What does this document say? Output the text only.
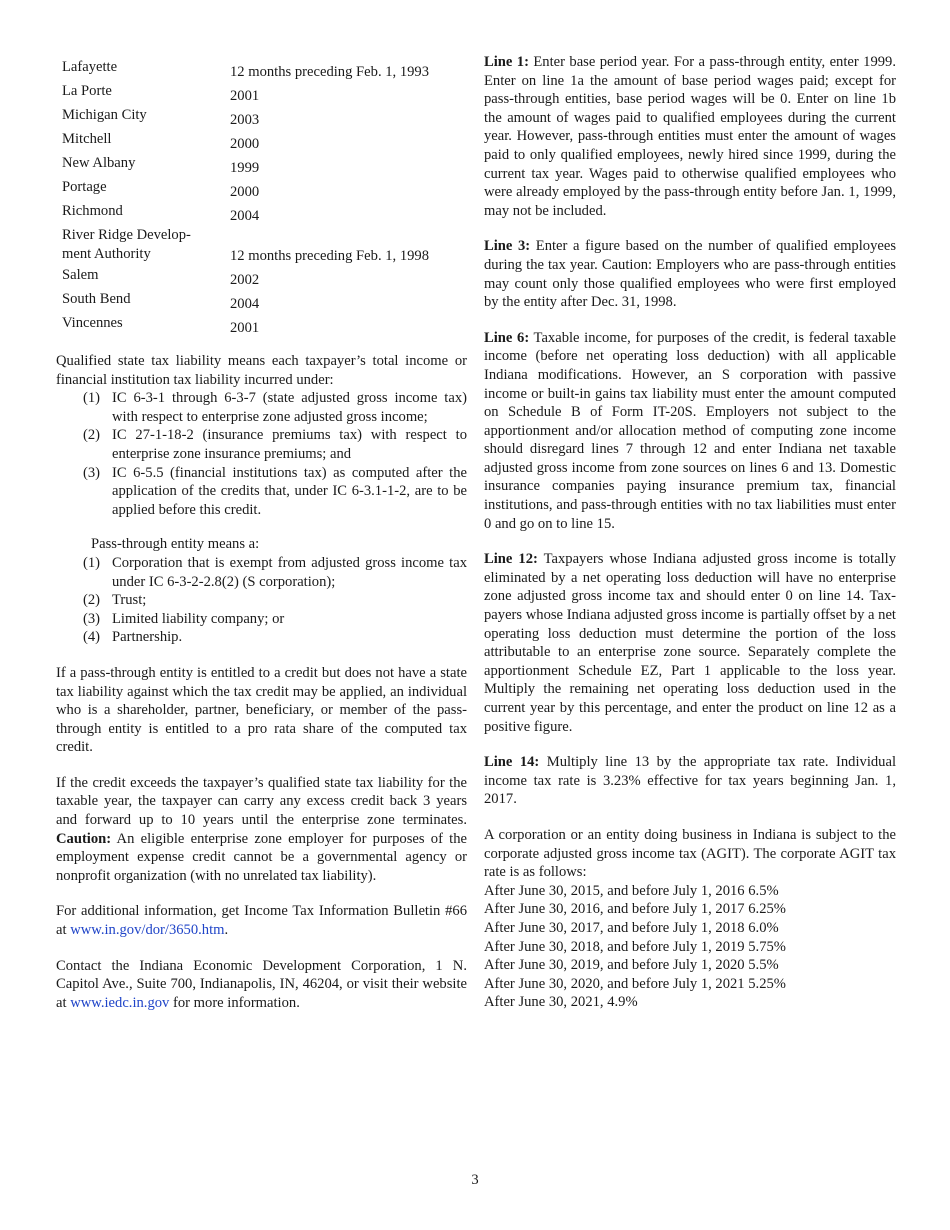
Lafayette	12 months preceding Feb. 1, 1993
La Porte	2001
Michigan City	2003
Mitchell	2000
New Albany	1999
Portage	2000
Richmond	2004

River Ridge Develop-
ment Authority	12 months preceding Feb. 1, 1998
Salem	2002
South Bend	2004
Vincennes	2001

Qualified state tax liability means each taxpayer’s total income or financial institution tax liability incurred under:

(1) IC 6-3-1 through 6-3-7 (state adjusted gross income tax) with respect to enterprise zone adjusted gross income;
(2) IC 27-1-18-2 (insurance premiums tax) with respect to enterprise zone insurance premiums; and
(3) IC 6-5.5 (financial institutions tax) as computed after the application of the credits that, under IC 6-3.1-1-2, are to be applied before this credit.

Pass-through entity means a:

(1) Corporation that is exempt from adjusted gross income tax under IC 6-3-2-2.8(2) (S corporation);
(2) Trust;
(3) Limited liability company; or
(4) Partnership.

If a pass-through entity is entitled to a credit but does not have a state tax liability against which the tax credit may be applied, an individual who is a shareholder, partner, beneficiary, or member of the pass-through entity is entitled to a pro rata share of the computed tax credit.

If the credit exceeds the taxpayer’s qualified state tax liability for the taxable year, the taxpayer can carry any excess credit back 3 years and forward up to 10 years until the enterprise zone terminates. Caution: An eligible enterprise zone employer for purposes of the employment expense credit cannot be a governmental agency or nonprofit organization (with no unrelated tax liability).

For additional information, get Income Tax Information Bulletin #66 at www.in.gov/dor/3650.htm.

Contact the Indiana Economic Development Corporation, 1 N. Capitol Ave., Suite 700, Indianapolis, IN, 46204, or visit their website at www.iedc.in.gov for more information.

Line 1: Enter base period year. For a pass-through entity, enter 1999. Enter on line 1a the amount of base period wages paid; except for pass-through entities, base period wages will be 0. Enter on line 1b the amount of wages paid to qualified employees during the current year. However, pass-through entities must enter the amount of wages paid to only qualified employees, newly hired since 1999, during the current tax year. Wages paid to otherwise qualified employees who were already employed by the pass-through entity before Jan. 1, 1999, may not be included.

Line 3: Enter a figure based on the number of qualified employees during the tax year. Caution: Employers who are pass-through entities may count only those qualified employees who were first employed by the entity after Dec. 31, 1998.

Line 6: Taxable income, for purposes of the credit, is federal taxable income (before net operating loss deduction) with all applicable Indiana modifications. However, an S corporation with passive income or built-in gains tax liability must enter the amount computed on Schedule B of Form IT-20S. Employers not subject to the apportionment and/or allocation method of computing zone income should disregard lines 7 through 12 and enter Indiana net taxable adjusted gross income from zone sources on lines 6 and 13. Domestic insurance companies paying insurance premium tax, financial institutions, and pass-through entities with no tax liabilities must enter 0 and go on to line 15.

Line 12: Taxpayers whose Indiana adjusted gross income is totally eliminated by a net operating loss deduction will have no enterprise zone adjusted gross income tax and should enter 0 on line 14. Tax-payers whose Indiana adjusted gross income is partially offset by a net operating loss deduction must determine the portion of the loss attributable to an enterprise zone source. Separately complete the apportionment Schedule EZ, Part 1 applicable to the loss year. Multiply the remaining net operating loss deduction used in the current year by this percentage, and enter the product on line 12 as a positive figure.

Line 14: Multiply line 13 by the appropriate tax rate. Individual income tax rate is 3.23% effective for tax years beginning Jan. 1, 2017.

A corporation or an entity doing business in Indiana is subject to the corporate adjusted gross income tax (AGIT). The corporate AGIT tax rate is as follows:

After June 30, 2015, and before July 1, 2016 6.5%
After June 30, 2016, and before July 1, 2017 6.25%
After June 30, 2017, and before July 1, 2018 6.0%
After June 30, 2018, and before July 1, 2019 5.75%
After June 30, 2019, and before July 1, 2020 5.5%
After June 30, 2020, and before July 1, 2021 5.25%
After June 30, 2021, 4.9%
3
